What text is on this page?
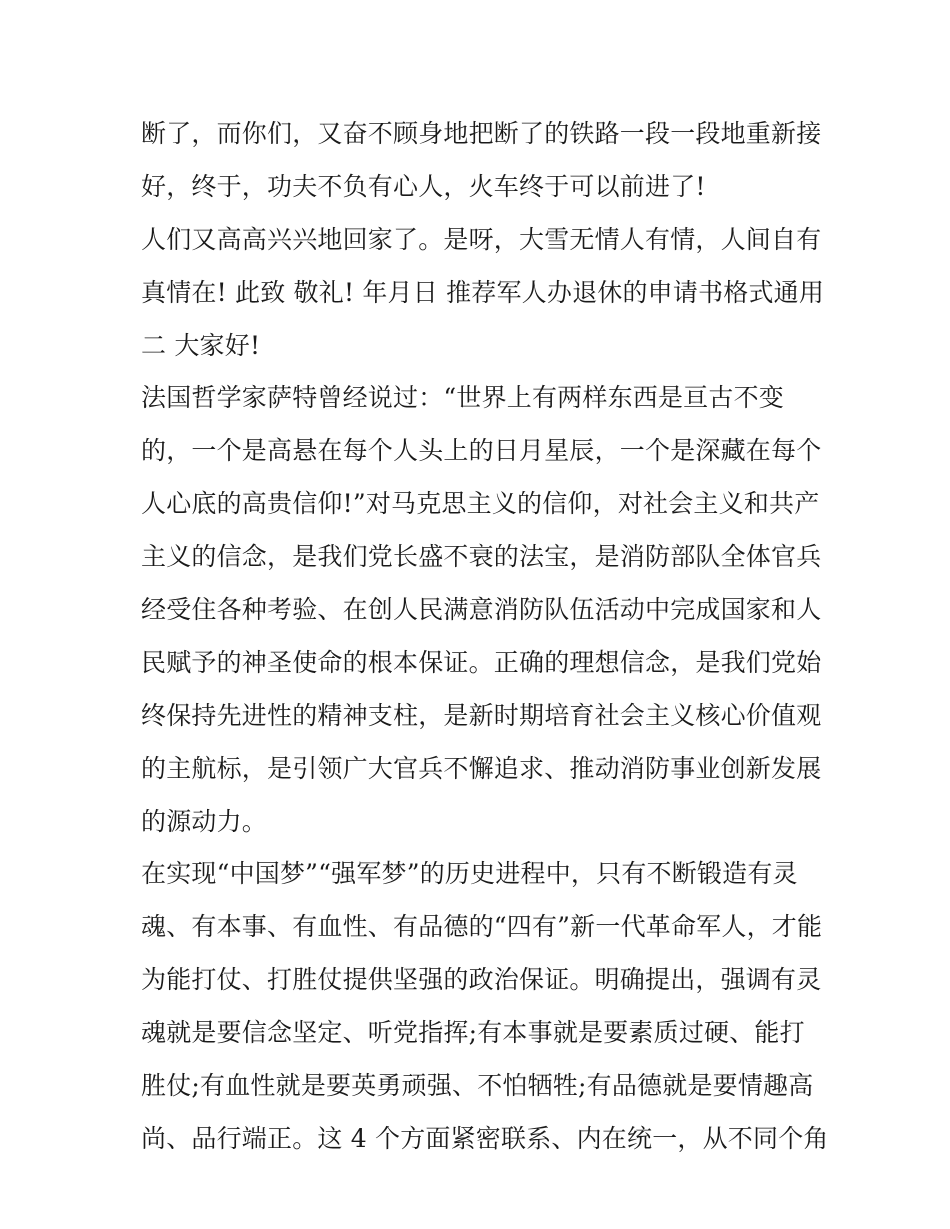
断了，而你们，又奋不顾身地把断了的铁路一段一段地重新接
好，终于，功夫不负有心人，火车终于可以前进了!
人们又高高兴兴地回家了。是呀，大雪无情人有情，人间自有
真情在! 此致 敬礼! 年月日 推荐军人办退休的申请书格式通用
二 大家好!
法国哲学家萨特曾经说过：“世界上有两样东西是亘古不变
的，一个是高悬在每个人头上的日月星辰，一个是深藏在每个
人心底的高贵信仰!”对马克思主义的信仰，对社会主义和共产
主义的信念，是我们党长盛不衰的法宝，是消防部队全体官兵
经受住各种考验、在创人民满意消防队伍活动中完成国家和人
民赋予的神圣使命的根本保证。正确的理想信念，是我们党始
终保持先进性的精神支柱，是新时期培育社会主义核心价值观
的主航标，是引领广大官兵不懈追求、推动消防事业创新发展
的源动力。
在实现“中国梦”“强军梦”的历史进程中，只有不断锻造有灵
魂、有本事、有血性、有品德的“四有”新一代革命军人，才能
为能打仗、打胜仗提供坚强的政治保证。明确提出，强调有灵
魂就是要信念坚定、听党指挥;有本事就是要素质过硬、能打
胜仗;有血性就是要英勇顽强、不怕牺牲;有品德就是要情趣高
尚、品行端正。这 4 个方面紧密联系、内在统一，从不同个角
